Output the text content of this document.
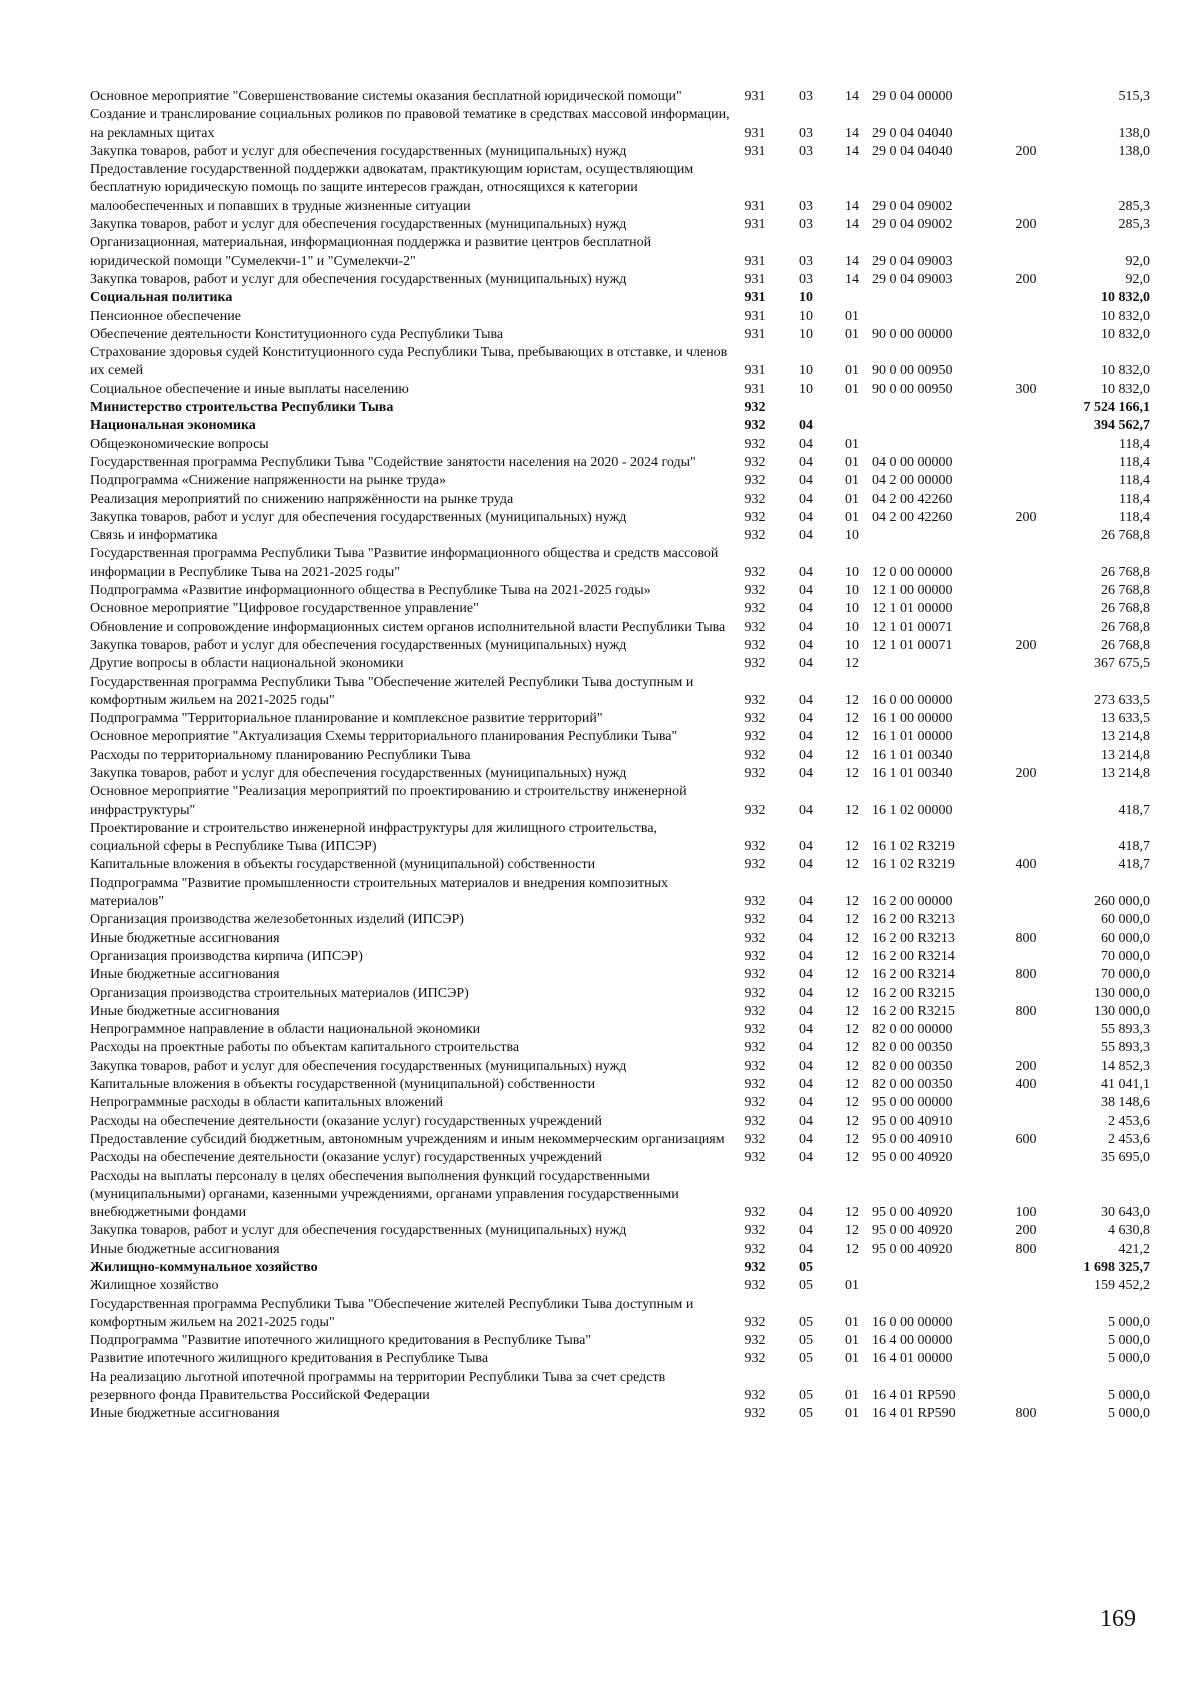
Основное мероприятие "Совершенствование системы оказания бесплатной юридической помощи"	931	03	14	29 0 04 00000		515,3
Создание и транслирование социальных роликов по правовой тематике в средствах массовой информации, на рекламных щитах	931	03	14	29 0 04 04040		138,0
Закупка товаров, работ и услуг для обеспечения государственных (муниципальных) нужд	931	03	14	29 0 04 04040	200	138,0
Предоставление государственной поддержки адвокатам, практикующим юристам, осуществляющим бесплатную юридическую помощь по защите интересов граждан, относящихся к категории малообеспеченных и попавших в трудные жизненные ситуации	931	03	14	29 0 04 09002		285,3
Закупка товаров, работ и услуг для обеспечения государственных (муниципальных) нужд	931	03	14	29 0 04 09002	200	285,3
Организационная, материальная, информационная поддержка и развитие центров бесплатной юридической помощи "Сумелекчи-1" и "Сумелекчи-2"	931	03	14	29 0 04 09003		92,0
Закупка товаров, работ и услуг для обеспечения государственных (муниципальных) нужд	931	03	14	29 0 04 09003	200	92,0
Социальная политика	931	10				10 832,0
Пенсионное обеспечение	931	10	01			10 832,0
Обеспечение деятельности Конституционного суда Республики Тыва	931	10	01	90 0 00 00000		10 832,0
Страхование здоровья судей Конституционного суда Республики Тыва, пребывающих в отставке, и членов их семей	931	10	01	90 0 00 00950		10 832,0
Социальное обеспечение и иные выплаты населению	931	10	01	90 0 00 00950	300	10 832,0
Министерство строительства Республики Тыва	932					7 524 166,1
Национальная экономика	932	04				394 562,7
Общеэкономические вопросы	932	04	01			118,4
Государственная программа Республики Тыва "Содействие занятости населения на 2020 - 2024 годы"	932	04	01	04 0 00 00000		118,4
Подпрограмма «Снижение напряженности на рынке труда»	932	04	01	04 2 00 00000		118,4
Реализация мероприятий по снижению напряжённости на рынке труда	932	04	01	04 2 00 42260		118,4
Закупка товаров, работ и услуг для обеспечения государственных (муниципальных) нужд	932	04	01	04 2 00 42260	200	118,4
Связь и информатика	932	04	10			26 768,8
Государственная программа Республики Тыва "Развитие информационного общества и средств массовой информации в Республике Тыва на 2021-2025 годы"	932	04	10	12 0 00 00000		26 768,8
Подпрограмма «Развитие информационного общества в Республике Тыва на 2021-2025 годы»	932	04	10	12 1 00 00000		26 768,8
Основное мероприятие "Цифровое государственное управление"	932	04	10	12 1 01 00000		26 768,8
Обновление и сопровождение информационных систем органов исполнительной власти Республики Тыва	932	04	10	12 1 01 00071		26 768,8
Закупка товаров, работ и услуг для обеспечения государственных (муниципальных) нужд	932	04	10	12 1 01 00071	200	26 768,8
Другие вопросы в области национальной экономики	932	04	12			367 675,5
Государственная программа Республики Тыва "Обеспечение жителей Республики Тыва доступным и комфортным жильем на 2021-2025 годы"	932	04	12	16 0 00 00000		273 633,5
Подпрограмма "Территориальное планирование и комплексное развитие территорий"	932	04	12	16 1 00 00000		13 633,5
Основное мероприятие "Актуализация Схемы территориального планирования Республики Тыва"	932	04	12	16 1 01 00000		13 214,8
Расходы по территориальному планированию Республики Тыва	932	04	12	16 1 01 00340		13 214,8
Закупка товаров, работ и услуг для обеспечения государственных (муниципальных) нужд	932	04	12	16 1 01 00340	200	13 214,8
Основное мероприятие "Реализация мероприятий по проектированию и строительству инженерной инфраструктуры"	932	04	12	16 1 02 00000		418,7
Проектирование и строительство инженерной инфраструктуры для жилищного строительства, социальной сферы в Республике Тыва (ИПСЭР)	932	04	12	16 1 02 R3219		418,7
Капитальные вложения в объекты государственной (муниципальной) собственности	932	04	12	16 1 02 R3219	400	418,7
Подпрограмма "Развитие промышленности строительных материалов и внедрения композитных материалов"	932	04	12	16 2 00 00000		260 000,0
Организация производства железобетонных изделий (ИПСЭР)	932	04	12	16 2 00 R3213		60 000,0
Иные бюджетные ассигнования	932	04	12	16 2 00 R3213	800	60 000,0
Организация производства кирпича (ИПСЭР)	932	04	12	16 2 00 R3214		70 000,0
Иные бюджетные ассигнования	932	04	12	16 2 00 R3214	800	70 000,0
Организация производства строительных материалов (ИПСЭР)	932	04	12	16 2 00 R3215		130 000,0
Иные бюджетные ассигнования	932	04	12	16 2 00 R3215	800	130 000,0
Непрограммное направление в области национальной экономики	932	04	12	82 0 00 00000		55 893,3
Расходы на проектные работы по объектам капитального строительства	932	04	12	82 0 00 00350		55 893,3
Закупка товаров, работ и услуг для обеспечения государственных (муниципальных) нужд	932	04	12	82 0 00 00350	200	14 852,3
Капитальные вложения в объекты государственной (муниципальной) собственности	932	04	12	82 0 00 00350	400	41 041,1
Непрограммные расходы в области капитальных вложений	932	04	12	95 0 00 00000		38 148,6
Расходы на обеспечение деятельности (оказание услуг) государственных учреждений	932	04	12	95 0 00 40910		2 453,6
Предоставление субсидий бюджетным, автономным учреждениям и иным некоммерческим организациям	932	04	12	95 0 00 40910	600	2 453,6
Расходы на обеспечение деятельности (оказание услуг) государственных учреждений	932	04	12	95 0 00 40920		35 695,0
Расходы на выплаты персоналу в целях обеспечения выполнения функций государственными (муниципальными) органами, казенными учреждениями, органами управления государственными внебюджетными фондами	932	04	12	95 0 00 40920	100	30 643,0
Закупка товаров, работ и услуг для обеспечения государственных (муниципальных) нужд	932	04	12	95 0 00 40920	200	4 630,8
Иные бюджетные ассигнования	932	04	12	95 0 00 40920	800	421,2
Жилищно-коммунальное хозяйство	932	05				1 698 325,7
Жилищное хозяйство	932	05	01			159 452,2
Государственная программа Республики Тыва "Обеспечение жителей Республики Тыва доступным и комфортным жильем на 2021-2025 годы"	932	05	01	16 0 00 00000		5 000,0
Подпрограмма "Развитие ипотечного жилищного кредитования в Республике Тыва"	932	05	01	16 4 00 00000		5 000,0
Развитие ипотечного жилищного кредитования в Республике Тыва	932	05	01	16 4 01 00000		5 000,0
На реализацию льготной ипотечной программы на территории Республики Тыва за счет средств резервного фонда Правительства Российской Федерации	932	05	01	16 4 01 RP590		5 000,0
Иные бюджетные ассигнования	932	05	01	16 4 01 RP590	800	5 000,0
169
